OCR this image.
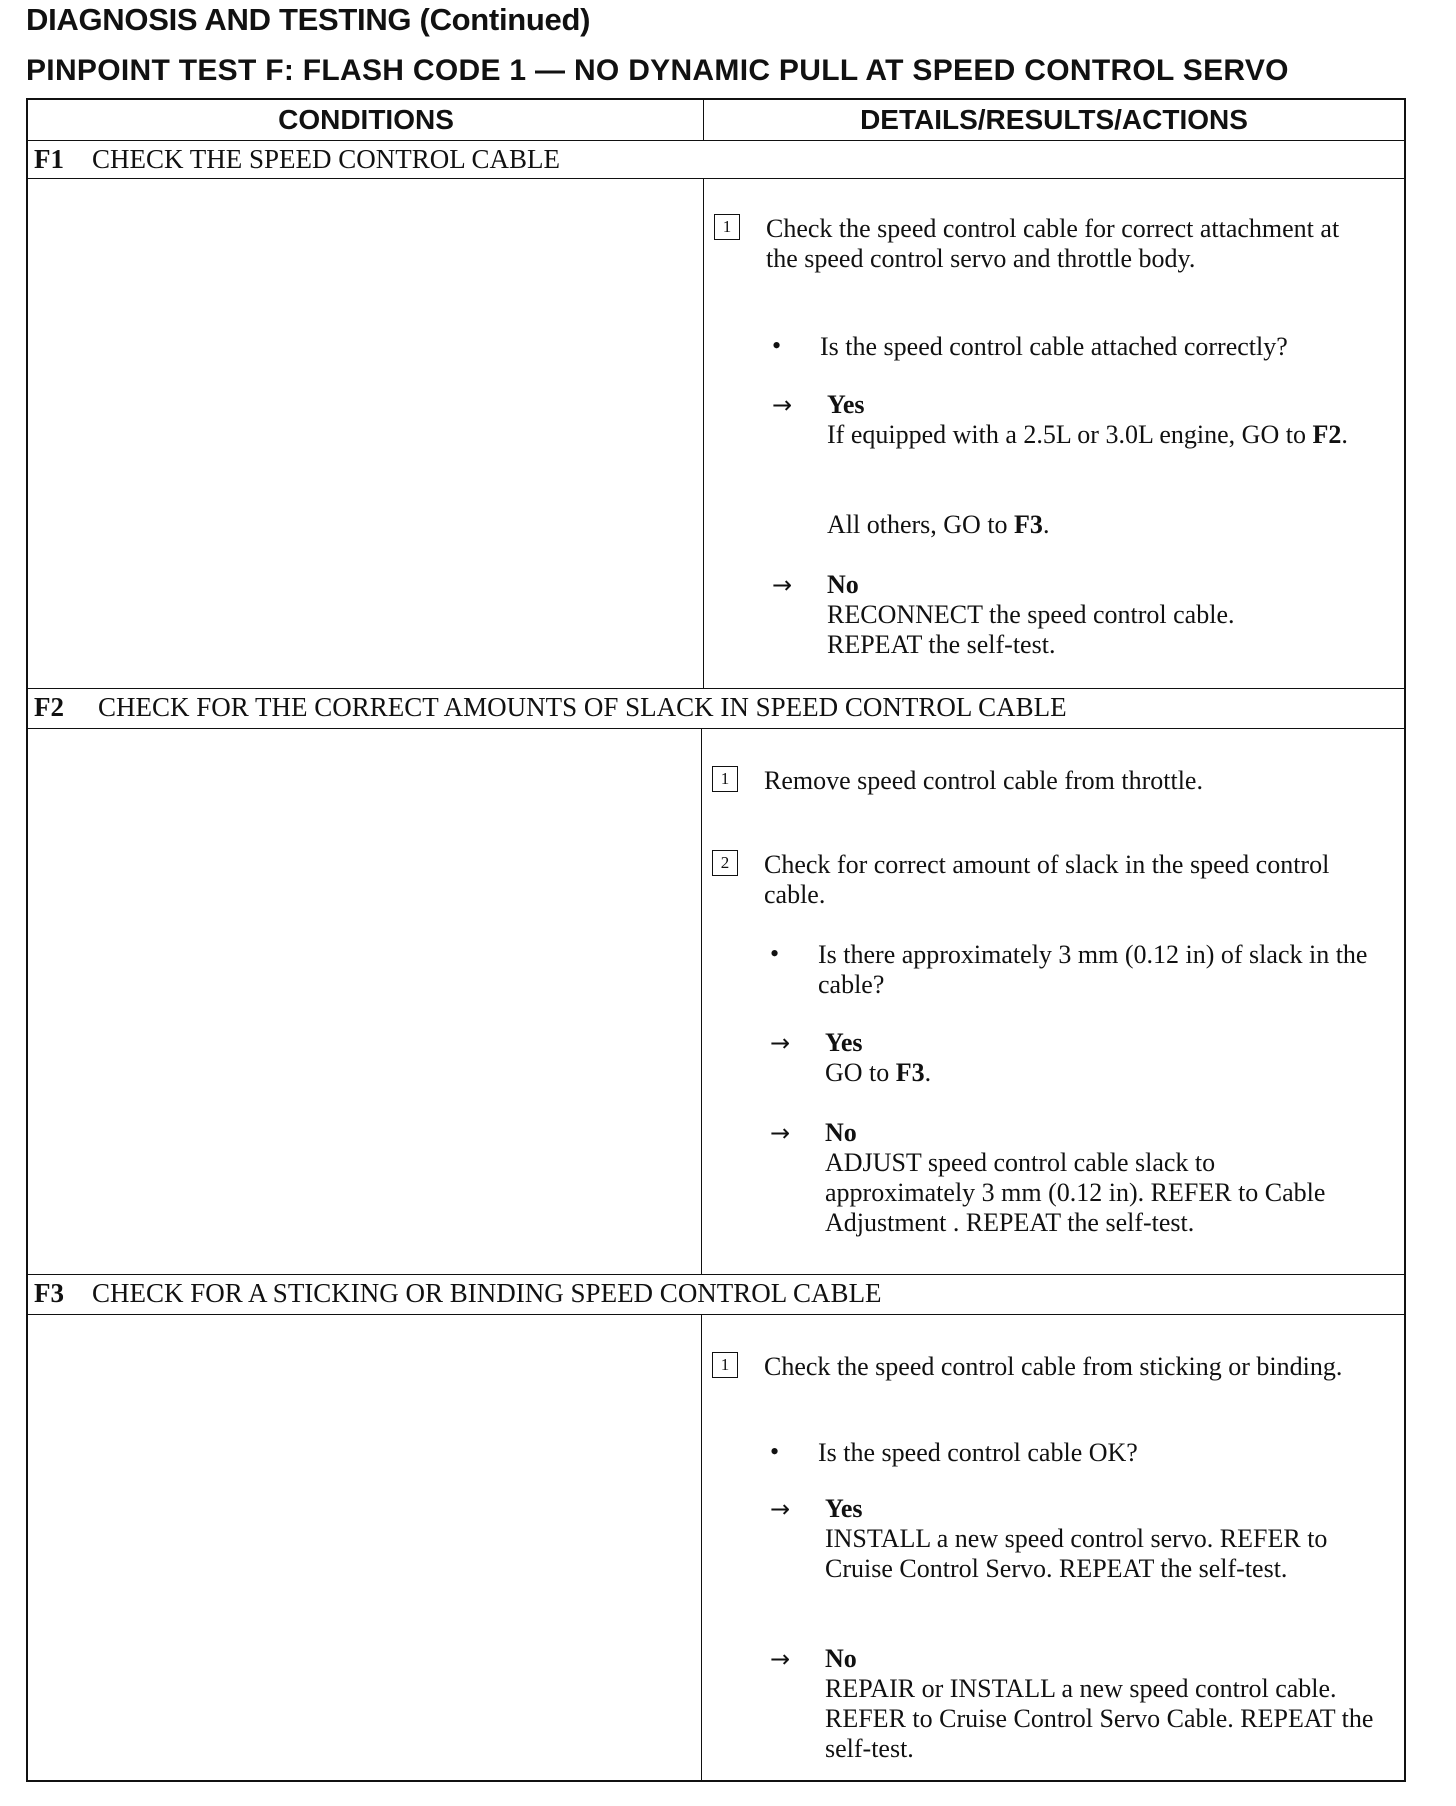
DIAGNOSIS AND TESTING (Continued)
PINPOINT TEST F: FLASH CODE 1 — NO DYNAMIC PULL AT SPEED CONTROL SERVO
CONDITIONS	DETAILS/RESULTS/ACTIONS
F1 CHECK THE SPEED CONTROL CABLE
1	Check the speed control cable for correct attachment at the speed control servo and throttle body.
• Is the speed control cable attached correctly?
→ Yes
If equipped with a 2.5L or 3.0L engine, GO to F2.
All others, GO to F3.
→ No
RECONNECT the speed control cable. REPEAT the self-test.
F2 CHECK FOR THE CORRECT AMOUNTS OF SLACK IN SPEED CONTROL CABLE
1	Remove speed control cable from throttle.
2	Check for correct amount of slack in the speed control cable.
• Is there approximately 3 mm (0.12 in) of slack in the cable?
→ Yes
GO to F3.
→ No
ADJUST speed control cable slack to approximately 3 mm (0.12 in). REFER to Cable Adjustment . REPEAT the self-test.
F3 CHECK FOR A STICKING OR BINDING SPEED CONTROL CABLE
1	Check the speed control cable from sticking or binding.
• Is the speed control cable OK?
→ Yes
INSTALL a new speed control servo. REFER to Cruise Control Servo. REPEAT the self-test.
→ No
REPAIR or INSTALL a new speed control cable. REFER to Cruise Control Servo Cable. REPEAT the self-test.
